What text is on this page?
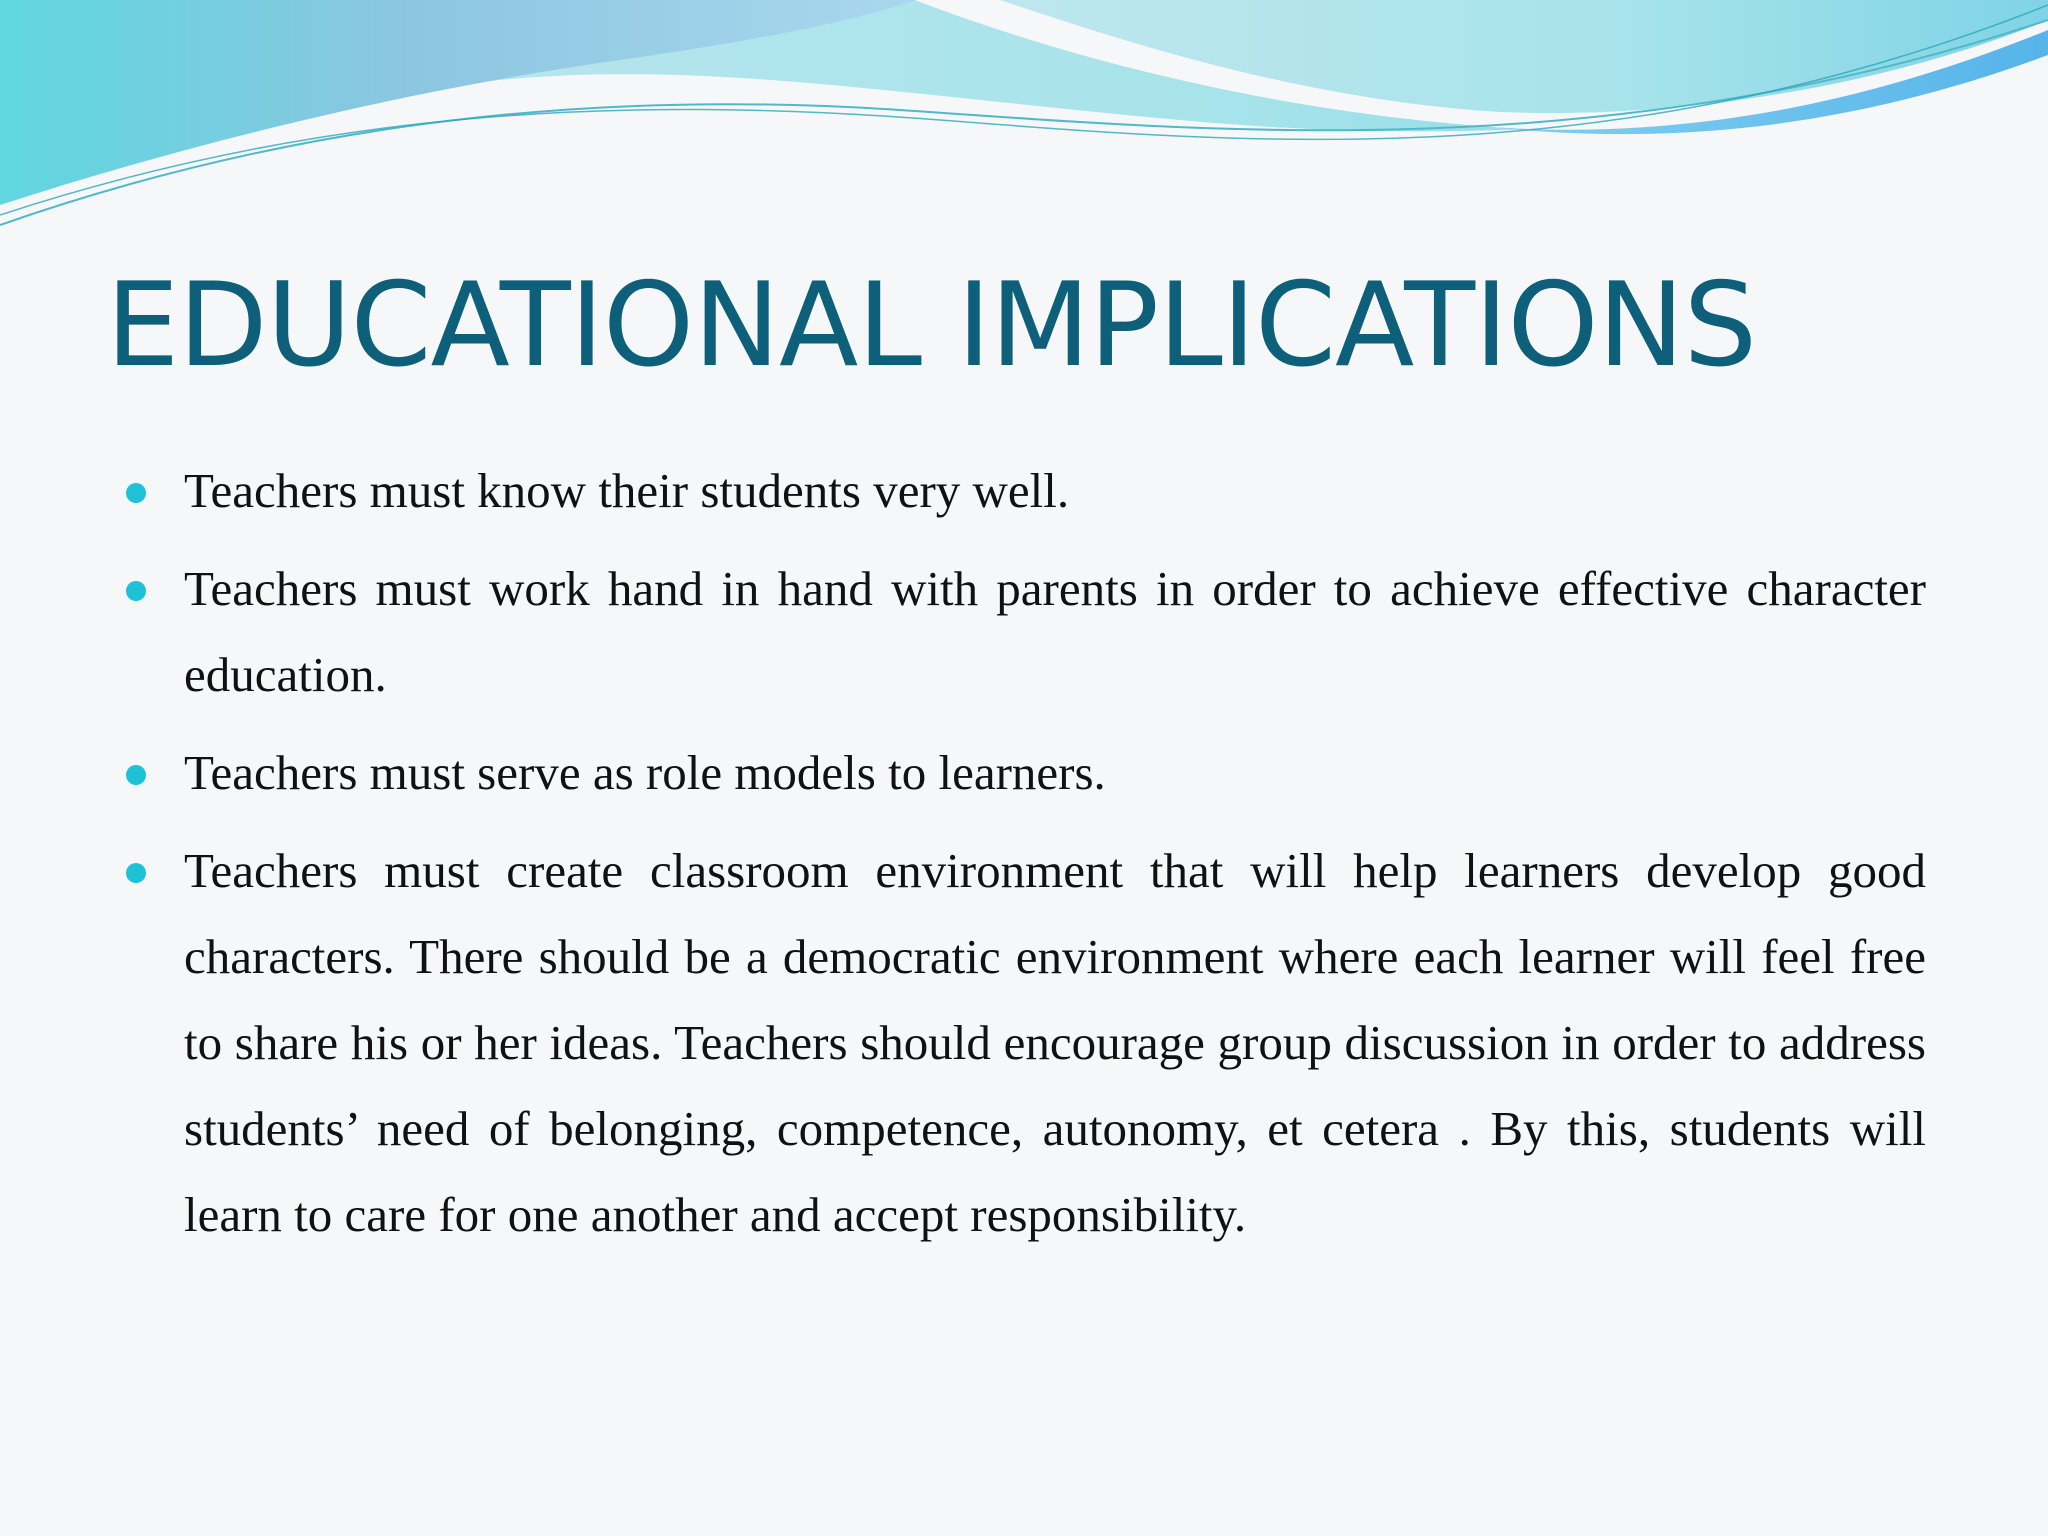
EDUCATIONAL IMPLICATIONS
Teachers must know their students very well.
Teachers must work hand in hand with parents in order to achieve effective character education.
Teachers must serve as role models to learners.
Teachers must create classroom environment that will help learners develop good characters. There should be a democratic environment where each learner will feel free to share his or her ideas. Teachers should encourage group discussion in order to address students’ need of belonging, competence, autonomy, et cetera . By this, students will learn to care for one another and accept responsibility.
